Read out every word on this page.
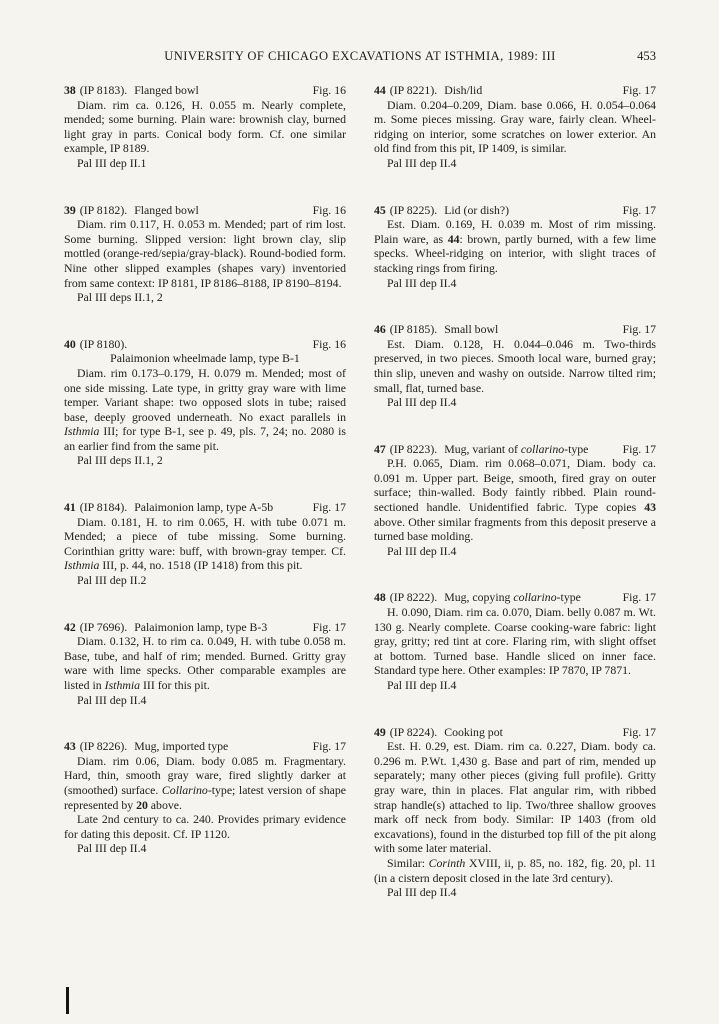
UNIVERSITY OF CHICAGO EXCAVATIONS AT ISTHMIA, 1989: III	453
38 (IP 8183). Flanged bowl	Fig. 16

Diam. rim ca. 0.126, H. 0.055 m. Nearly complete, mended; some burning. Plain ware: brownish clay, burned light gray in parts. Conical body form. Cf. one similar example, IP 8189.

Pal III dep II.1
39 (IP 8182). Flanged bowl	Fig. 16

Diam. rim 0.117, H. 0.053 m. Mended; part of rim lost. Some burning. Slipped version: light brown clay, slip mottled (orange-red/sepia/gray-black). Round-bodied form. Nine other slipped examples (shapes vary) inventoried from same context: IP 8181, IP 8186–8188, IP 8190–8194.

Pal III deps II.1, 2
40 (IP 8180).	Fig. 16
Palaimonion wheelmade lamp, type B-1

Diam. rim 0.173–0.179, H. 0.079 m. Mended; most of one side missing. Late type, in gritty gray ware with lime temper. Variant shape: two opposed slots in tube; raised base, deeply grooved underneath. No exact parallels in Isthmia III; for type B-1, see p. 49, pls. 7, 24; no. 2080 is an earlier find from the same pit.

Pal III deps II.1, 2
41 (IP 8184). Palaimonion lamp, type A-5b	Fig. 17

Diam. 0.181, H. to rim 0.065, H. with tube 0.071 m. Mended; a piece of tube missing. Some burning. Corinthian gritty ware: buff, with brown-gray temper. Cf. Isthmia III, p. 44, no. 1518 (IP 1418) from this pit.

Pal III dep II.2
42 (IP 7696). Palaimonion lamp, type B-3	Fig. 17

Diam. 0.132, H. to rim ca. 0.049, H. with tube 0.058 m. Base, tube, and half of rim; mended. Burned. Gritty gray ware with lime specks. Other comparable examples are listed in Isthmia III for this pit.

Pal III dep II.4
43 (IP 8226). Mug, imported type	Fig. 17

Diam. rim 0.06, Diam. body 0.085 m. Fragmentary. Hard, thin, smooth gray ware, fired slightly darker at (smoothed) surface. Collarino-type; latest version of shape represented by 20 above.

Late 2nd century to ca. 240. Provides primary evidence for dating this deposit. Cf. IP 1120.

Pal III dep II.4
44 (IP 8221). Dish/lid	Fig. 17

Diam. 0.204–0.209, Diam. base 0.066, H. 0.054–0.064 m. Some pieces missing. Gray ware, fairly clean. Wheel-ridging on interior, some scratches on lower exterior. An old find from this pit, IP 1409, is similar.

Pal III dep II.4
45 (IP 8225). Lid (or dish?)	Fig. 17

Est. Diam. 0.169, H. 0.039 m. Most of rim missing. Plain ware, as 44: brown, partly burned, with a few lime specks. Wheel-ridging on interior, with slight traces of stacking rings from firing.

Pal III dep II.4
46 (IP 8185). Small bowl	Fig. 17

Est. Diam. 0.128, H. 0.044–0.046 m. Two-thirds preserved, in two pieces. Smooth local ware, burned gray; thin slip, uneven and washy on outside. Narrow tilted rim; small, flat, turned base.

Pal III dep II.4
47 (IP 8223). Mug, variant of collarino-type	Fig. 17

P.H. 0.065, Diam. rim 0.068–0.071, Diam. body ca. 0.091 m. Upper part. Beige, smooth, fired gray on outer surface; thin-walled. Body faintly ribbed. Plain round-sectioned handle. Unidentified fabric. Type copies 43 above. Other similar fragments from this deposit preserve a turned base molding.

Pal III dep II.4
48 (IP 8222). Mug, copying collarino-type	Fig. 17

H. 0.090, Diam. rim ca. 0.070, Diam. belly 0.087 m. Wt. 130 g. Nearly complete. Coarse cooking-ware fabric: light gray, gritty; red tint at core. Flaring rim, with slight offset at bottom. Turned base. Handle sliced on inner face. Standard type here. Other examples: IP 7870, IP 7871.

Pal III dep II.4
49 (IP 8224). Cooking pot	Fig. 17

Est. H. 0.29, est. Diam. rim ca. 0.227, Diam. body ca. 0.296 m. P.Wt. 1,430 g. Base and part of rim, mended up separately; many other pieces (giving full profile). Gritty gray ware, thin in places. Flat angular rim, with ribbed strap handle(s) attached to lip. Two/three shallow grooves mark off neck from body. Similar: IP 1403 (from old excavations), found in the disturbed top fill of the pit along with some later material.

Similar: Corinth XVIII, ii, p. 85, no. 182, fig. 20, pl. 11 (in a cistern deposit closed in the late 3rd century).

Pal III dep II.4
